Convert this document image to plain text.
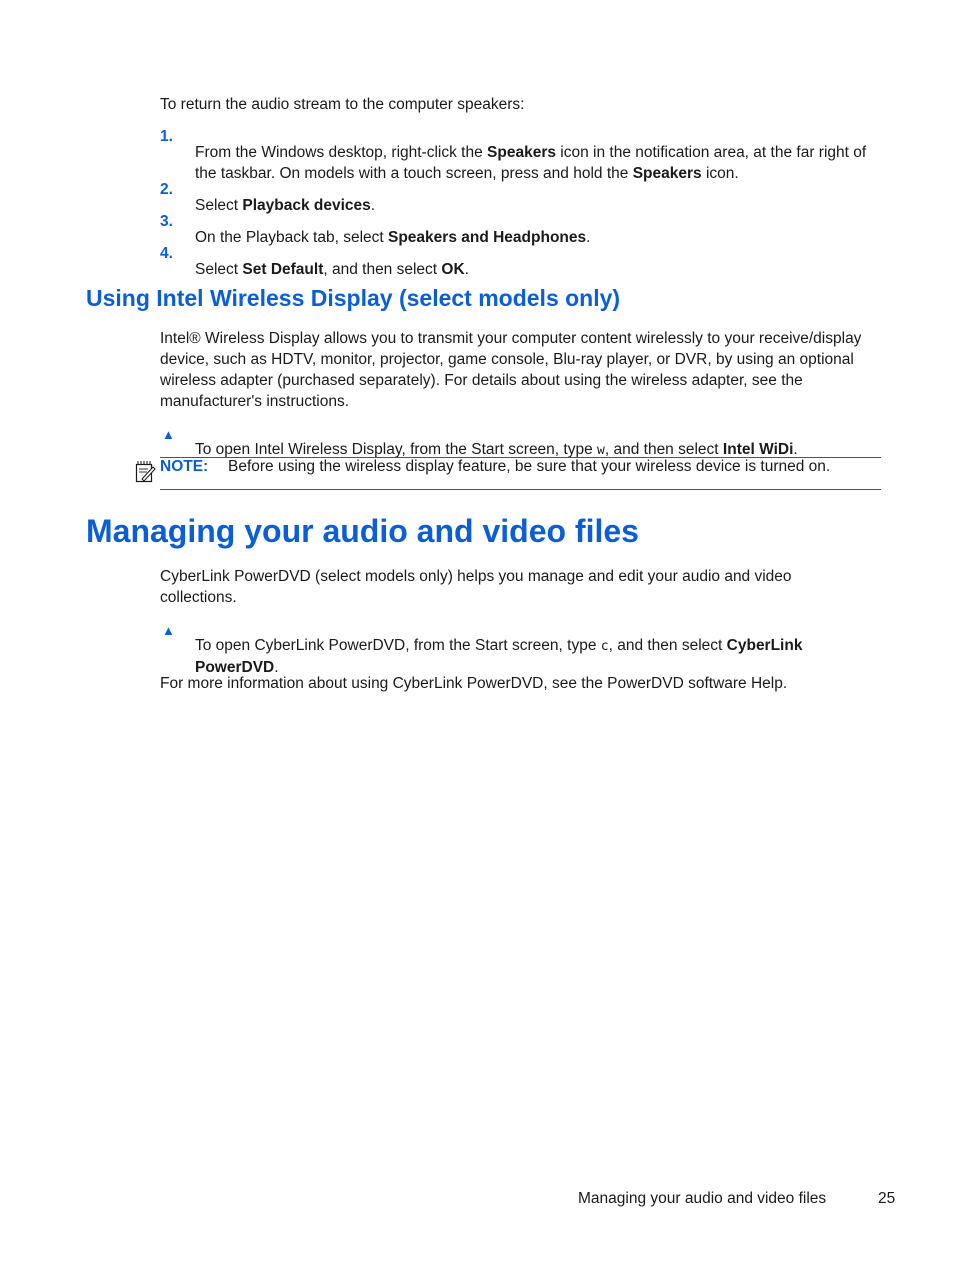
To return the audio stream to the computer speakers:

1.

From the Windows desktop, right-click the Speakers icon in the notification area, at the far right of the taskbar. On models with a touch screen, press and hold the Speakers icon.

2.

Select Playback devices.

3.

On the Playback tab, select Speakers and Headphones.

4.

Select Set Default, and then select OK.

Using Intel Wireless Display (select models only)

Intel® Wireless Display allows you to transmit your computer content wirelessly to your receive/display device, such as HDTV, monitor, projector, game console, Blu-ray player, or DVR, by using an optional wireless adapter (purchased separately). For details about using the wireless adapter, see the manufacturer's instructions.

▲

To open Intel Wireless Display, from the Start screen, type w, and then select Intel WiDi.

NOTE: Before using the wireless display feature, be sure that your wireless device is turned on.
Managing your audio and video files

CyberLink PowerDVD (select models only) helps you manage and edit your audio and video collections.

▲

To open CyberLink PowerDVD, from the Start screen, type c, and then select CyberLink PowerDVD.

For more information about using CyberLink PowerDVD, see the PowerDVD software Help.

Managing your audio and video files	25
